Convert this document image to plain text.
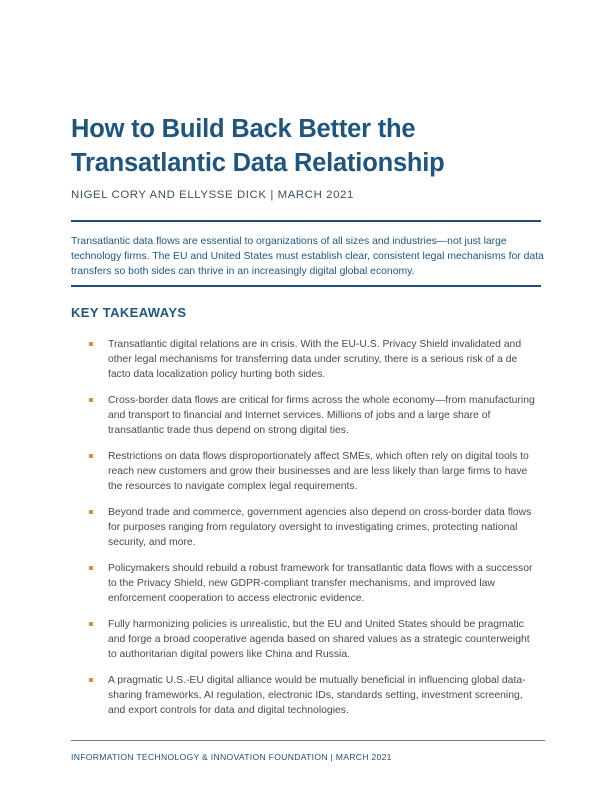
How to Build Back Better the
Transatlantic Data Relationship
NIGEL CORY AND ELLYSSE DICK | MARCH 2021

Transatlantic data flows are essential to organizations of all sizes and industries—not just large technology firms. The EU and United States must establish clear, consistent legal mechanisms for data transfers so both sides can thrive in an increasingly digital global economy.

KEY TAKEAWAYS
Transatlantic digital relations are in crisis. With the EU-U.S. Privacy Shield invalidated and other legal mechanisms for transferring data under scrutiny, there is a serious risk of a de facto data localization policy hurting both sides.
Cross-border data flows are critical for firms across the whole economy—from manufacturing and transport to financial and Internet services. Millions of jobs and a large share of transatlantic trade thus depend on strong digital ties.
Restrictions on data flows disproportionately affect SMEs, which often rely on digital tools to reach new customers and grow their businesses and are less likely than large firms to have the resources to navigate complex legal requirements.
Beyond trade and commerce, government agencies also depend on cross-border data flows for purposes ranging from regulatory oversight to investigating crimes, protecting national security, and more.
Policymakers should rebuild a robust framework for transatlantic data flows with a successor to the Privacy Shield, new GDPR-compliant transfer mechanisms, and improved law enforcement cooperation to access electronic evidence.
Fully harmonizing policies is unrealistic, but the EU and United States should be pragmatic and forge a broad cooperative agenda based on shared values as a strategic counterweight to authoritarian digital powers like China and Russia.
A pragmatic U.S.-EU digital alliance would be mutually beneficial in influencing global data-sharing frameworks, AI regulation, electronic IDs, standards setting, investment screening, and export controls for data and digital technologies.
INFORMATION TECHNOLOGY & INNOVATION FOUNDATION | MARCH 2021
